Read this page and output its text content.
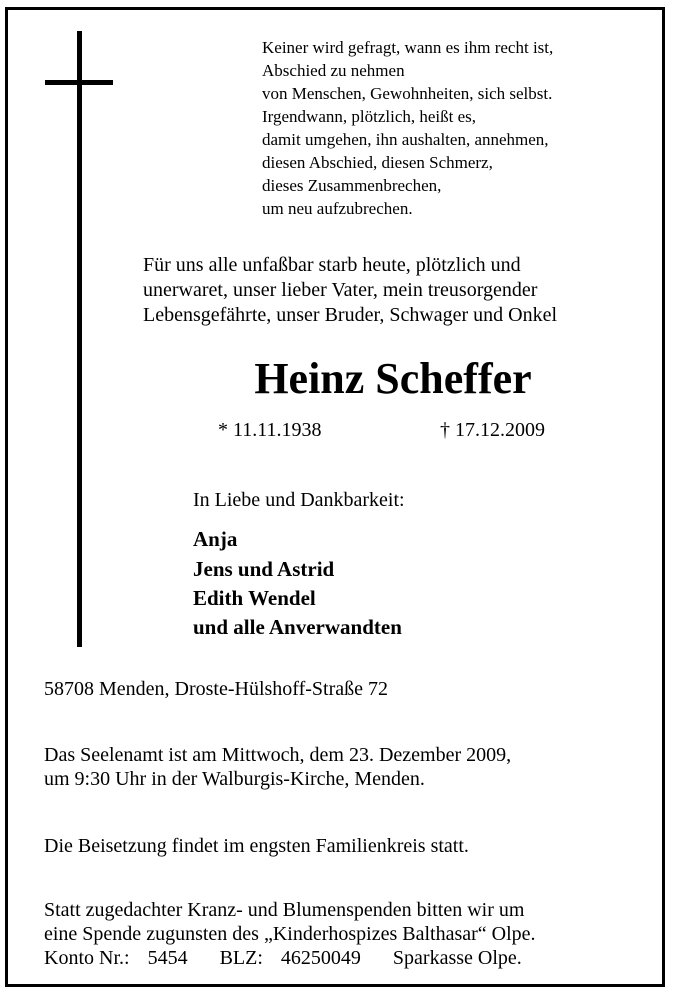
Keiner wird gefragt, wann es ihm recht ist,
Abschied zu nehmen
von Menschen, Gewohnheiten, sich selbst.
Irgendwann, plötzlich, heißt es,
damit umgehen, ihn aushalten, annehmen,
diesen Abschied, diesen Schmerz,
dieses Zusammenbrechen,
um neu aufzubrechen.
Für uns alle unfaßbar starb heute, plötzlich und
unerwaret, unser lieber Vater, mein treusorgender
Lebensgefährte, unser Bruder, Schwager und Onkel
Heinz Scheffer
* 11.11.1938	† 17.12.2009
In Liebe und Dankbarkeit:
Anja
Jens und Astrid
Edith Wendel
und alle Anverwandten
58708 Menden, Droste-Hülshoff-Straße 72
Das Seelenamt ist am Mittwoch, dem 23. Dezember 2009,
um 9:30 Uhr in der Walburgis-Kirche, Menden.
Die Beisetzung findet im engsten Familienkreis statt.
Statt zugedachter Kranz- und Blumenspenden bitten wir um
eine Spende zugunsten des „Kinderhospizes Balthasar“ Olpe.
Konto Nr.: 5454 BLZ: 46250049 Sparkasse Olpe.
